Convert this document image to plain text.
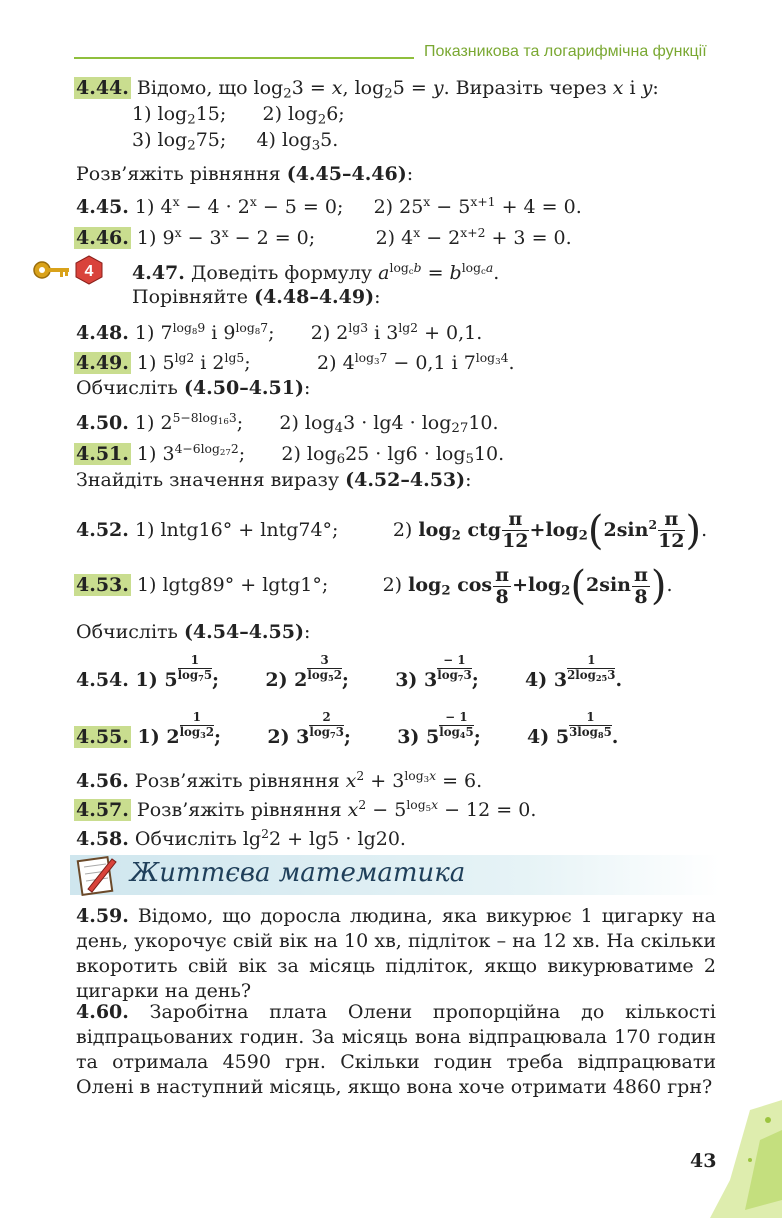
Показникова та логарифмічна функції
4.44. Відомо, що $\log_23 = x$, $\log_25 = y$. Виразіть через x і y:
1) $\log_215$;      2) $\log_26$;
3) $\log_275$;     4) $\log_35$.
Розв’яжіть рівняння (4.45–4.46):
4.45. 1) $4^x - 4 \cdot 2^x - 5 = 0$;     2) $25^x - 5^{x+1} + 4 = 0$.
4.46. 1) $9^x - 3^x - 2 = 0$;          2) $4^x - 2^{x+2} + 3 = 0$.
4 4.47. Доведіть формулу $a^{log_cb} = b^{log_ca}$.
Порівняйте (4.48–4.49):
4.48. 1) $7^{log_89}$ і $9^{log_87}$;      2) $2^{lg3}$ і $3^{lg2} + 0,1$.
4.49. 1) $5^{lg2}$ і $2^{lg5}$;           2) $4^{log_37} - 0,1$ і $7^{log_34}$.
Обчисліть (4.50–4.51):
4.50. 1) $2^{5-8log_{16}3}$;      2) $\log_43 \cdot \lg 4 \cdot \log_{27}10$.
4.51. 1) $3^{4-6log_{27}2}$;      2) $\log_625 \cdot \lg 6 \cdot \log_510$.
Знайдіть значення виразу (4.52–4.53):
4.52. 1) lntg16° + lntg74°;         2) $\log_2$ ctg $\frac{\pi}{12} +\log_2(2\sin^2 \frac{\pi}{12}$ ).
4.53. 1) lgtg89° + lgtg1°;         2) $\log_2 \cos \frac{\pi}{8} +\log_2(2\sin \frac{\pi}{8}$ ).
Обчисліть (4.54–4.55):
4.54. 1) $5 \frac{1}{\log_75}$ ;       2) $2 \frac{3}{\log_52}$ ;       3) $3 \frac{- 1}{\log_73}$ ;       4) $3 \frac{1}{2\log_{25}3}$ .
4.55. 1) $2 \frac{1}{\log_32}$ ;       2) $3 \frac{2}{\log_73}$ ;       3) $5 \frac{- 1}{\log_45}$ ;       4) $5 \frac{1}{3\log_85}$ .
4.56. Розв’яжіть рівняння $x^2 + 3^{log_3x} = 6$.
4.57. Розв’яжіть рівняння $x^2 - 5^{log_5x} - 12 = 0$.
4.58. Обчисліть $\lg^22 + \lg 5 \cdot \lg 20$.
Життєва математика
4.59. Відомо, що доросла людина, яка викурює 1 цигарку на день, укорочує свій вік на 10 хв, підліток – на 12 хв. На скільки вкоротить свій вік за місяць підліток, якщо викурюватиме 2 цигарки на день?
4.60. Заробітна плата Олени пропорційна до кількості відпрацьованих годин. За місяць вона відпрацювала 170 годин та отримала 4590 грн. Скільки годин треба відпрацювати Олені в наступний місяць, якщо вона хоче отримати 4860 грн?
43
